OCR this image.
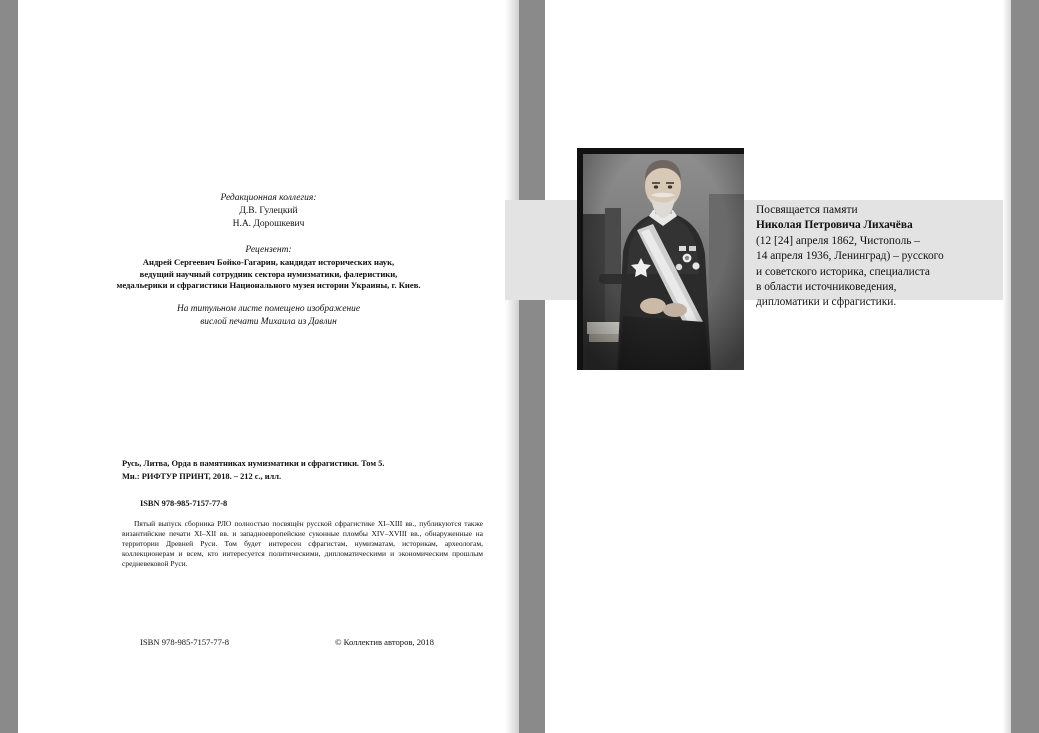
Редакционная коллегия:
Д.В. Гулецкий
Н.А. Дорошкевич
Рецензент:
Андрей Сергеевич Бойко-Гагарин, кандидат исторических наук,
ведущий научный сотрудник сектора нумизматики, фалеристики,
медальерики и сфрагистики Национального музея истории Украины, г. Киев.
На титульном листе помещено изображение
вислой печати Михаила из Давлин

Русь, Литва, Орда в памятниках нумизматики и сфрагистики. Том 5.

Мн.: РИФТУР ПРИНТ, 2018. – 212 с., илл.

ISBN 978-985-7157-77-8

Пятый выпуск сборника РЛО полностью посвящён русской сфрагистике XI–XIII вв., публикуются также византийские печати XI–XII вв. и западноевропейские суконные пломбы XIV–XVIII вв., обнаруженные на территории Древней Руси. Том будет интересен сфрагистам, нумизматам, историкам, археологам, коллекционерам и всем, кто интересуется политическими, дипломатическими и экономическим прошлым средневековой Руси.

ISBN 978-985-7157-77-8	© Коллектив авторов, 2018
Посвящается памяти
Николая Петровича Лихачёва
(12 [24] апреля 1862, Чистополь –
14 апреля 1936, Ленинград) – русского
и советского историка, специалиста
в области источниковедения,
дипломатики и сфрагистики.
